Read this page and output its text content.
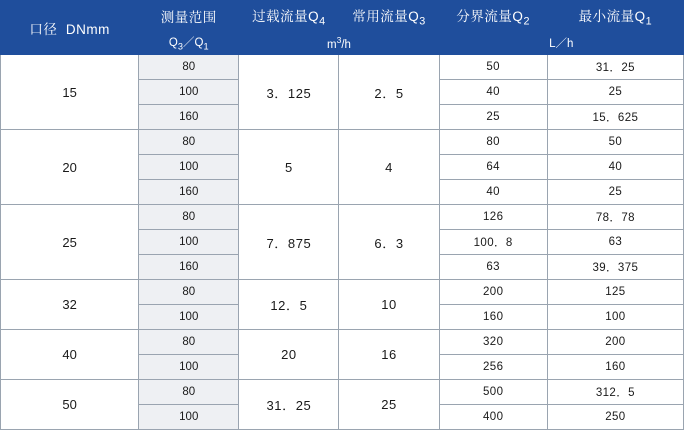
口径 DNmm	测量范围	过载流量$Q_4$	常用流量$Q_3$	分界流量$Q_2$	最小流量$Q_1$
	$Q_3/Q_1$	$m^3/h$		L／h	
15	80	3．125	2．5	50	31．25
	100			40	25
	160			25	15．625
20	80	5	4	80	50
	100			64	40
	160			40	25
25	80	7．875	6．3	126	78．78
	100			100．8	63
	160			63	39．375
32	80	12．5	10	200	125
	100			160	100
40	80	20	16	320	200
	100			256	160
50	80	31．25	25	500	312．5
	100			400	250
